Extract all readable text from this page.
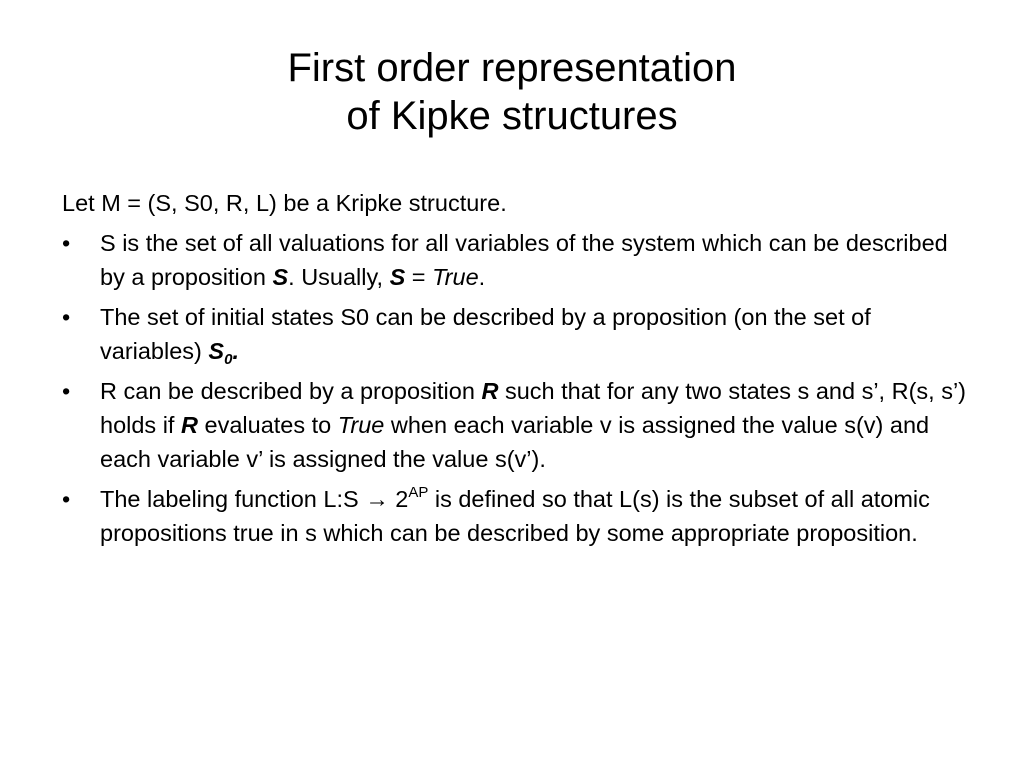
First order representation
of Kipke structures

Let M = (S, S0, R, L) be a Kripke structure.

• S is the set of all valuations for all variables of the system which can be described by a proposition S. Usually, S = True.
• The set of initial states S0 can be described by a proposition (on the set of variables) $S_0$.
• R can be described by a proposition R such that for any two states s and s’, R(s, s’) holds if R evaluates to True when each variable v is assigned the value s(v) and each variable v’ is assigned the value s(v’).
• The labeling function L:S → $2^{AP}$ is defined so that L(s) is the subset of all atomic propositions true in s which can be described by some appropriate proposition.
